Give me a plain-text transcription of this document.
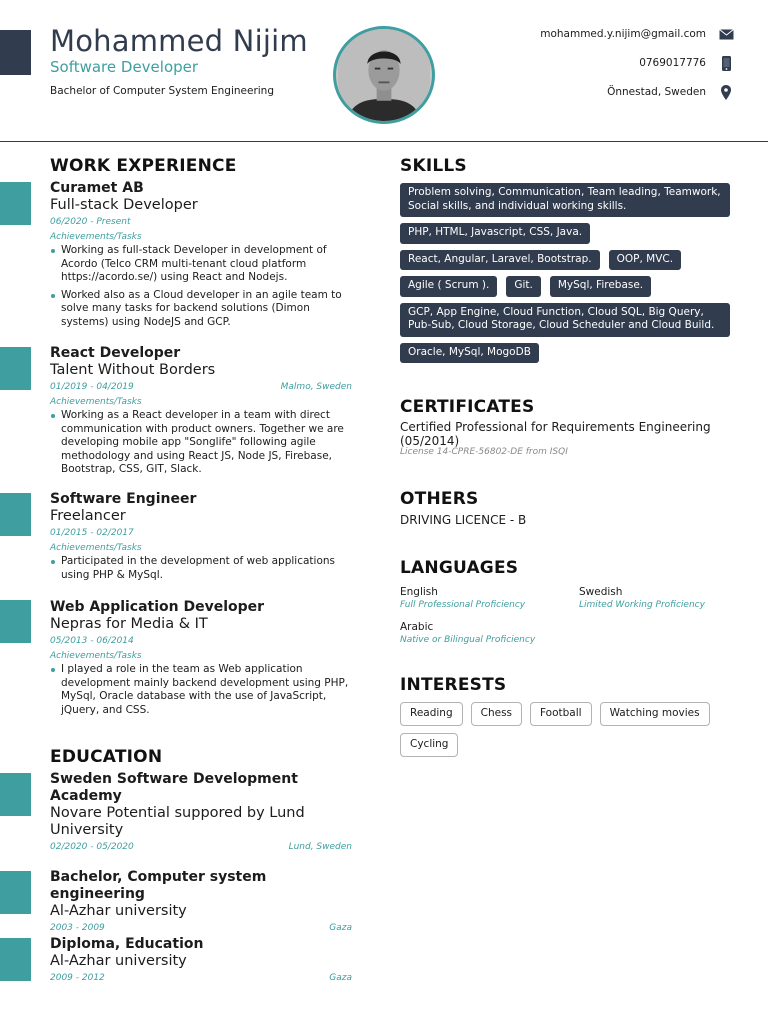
Mohammed Nijim
Software Developer
Bachelor of Computer System Engineering
mohammed.y.nijim@gmail.com
0769017776
Önnestad, Sweden
WORK EXPERIENCE
Curamet AB
Full-stack Developer
06/2020 - Present
Achievements/Tasks
Working as full-stack Developer in development of Acordo (Telco CRM multi-tenant cloud platform https://acordo.se/) using React and Nodejs.
Worked also as a Cloud developer in an agile team to solve many tasks for backend solutions (Dimon systems) using NodeJS and GCP.
React Developer
Talent Without Borders
01/2019 - 04/2019	Malmo, Sweden
Achievements/Tasks
Working as a React developer in a team with direct communication with product owners. Together we are developing mobile app "Songlife" following agile methodology and using React JS, Node JS, Firebase, Bootstrap, CSS, GIT, Slack.
Software Engineer
Freelancer
01/2015 - 02/2017
Achievements/Tasks
Participated in the development of web applications using PHP & MySql.
Web Application Developer
Nepras for Media & IT
05/2013 - 06/2014
Achievements/Tasks
I played a role in the team as Web application development mainly backend development using PHP, MySql, Oracle database with the use of JavaScript, jQuery, and CSS.
EDUCATION
Sweden Software Development Academy
Novare Potential suppored by Lund University
02/2020 - 05/2020	Lund, Sweden
Bachelor, Computer system engineering
Al-Azhar university
2003 - 2009	Gaza
Diploma, Education
Al-Azhar university
2009 - 2012	Gaza
SKILLS
Problem solving, Communication, Team leading, Teamwork, Social skills, and individual working skills.
PHP, HTML, Javascript, CSS, Java.
React, Angular, Laravel, Bootstrap.	OOP, MVC.
Agile ( Scrum ).	Git.	MySql, Firebase.
GCP, App Engine, Cloud Function, Cloud SQL, Big Query, Pub-Sub, Cloud Storage, Cloud Scheduler and Cloud Build.
Oracle, MySql, MogoDB
CERTIFICATES
Certified Professional for Requirements Engineering (05/2014)
License 14-CPRE-56802-DE from ISQI
OTHERS
DRIVING LICENCE - B
LANGUAGES
English
Full Professional Proficiency
Swedish
Limited Working Proficiency
Arabic
Native or Bilingual Proficiency
INTERESTS
Reading	Chess	Football	Watching movies
Cycling
